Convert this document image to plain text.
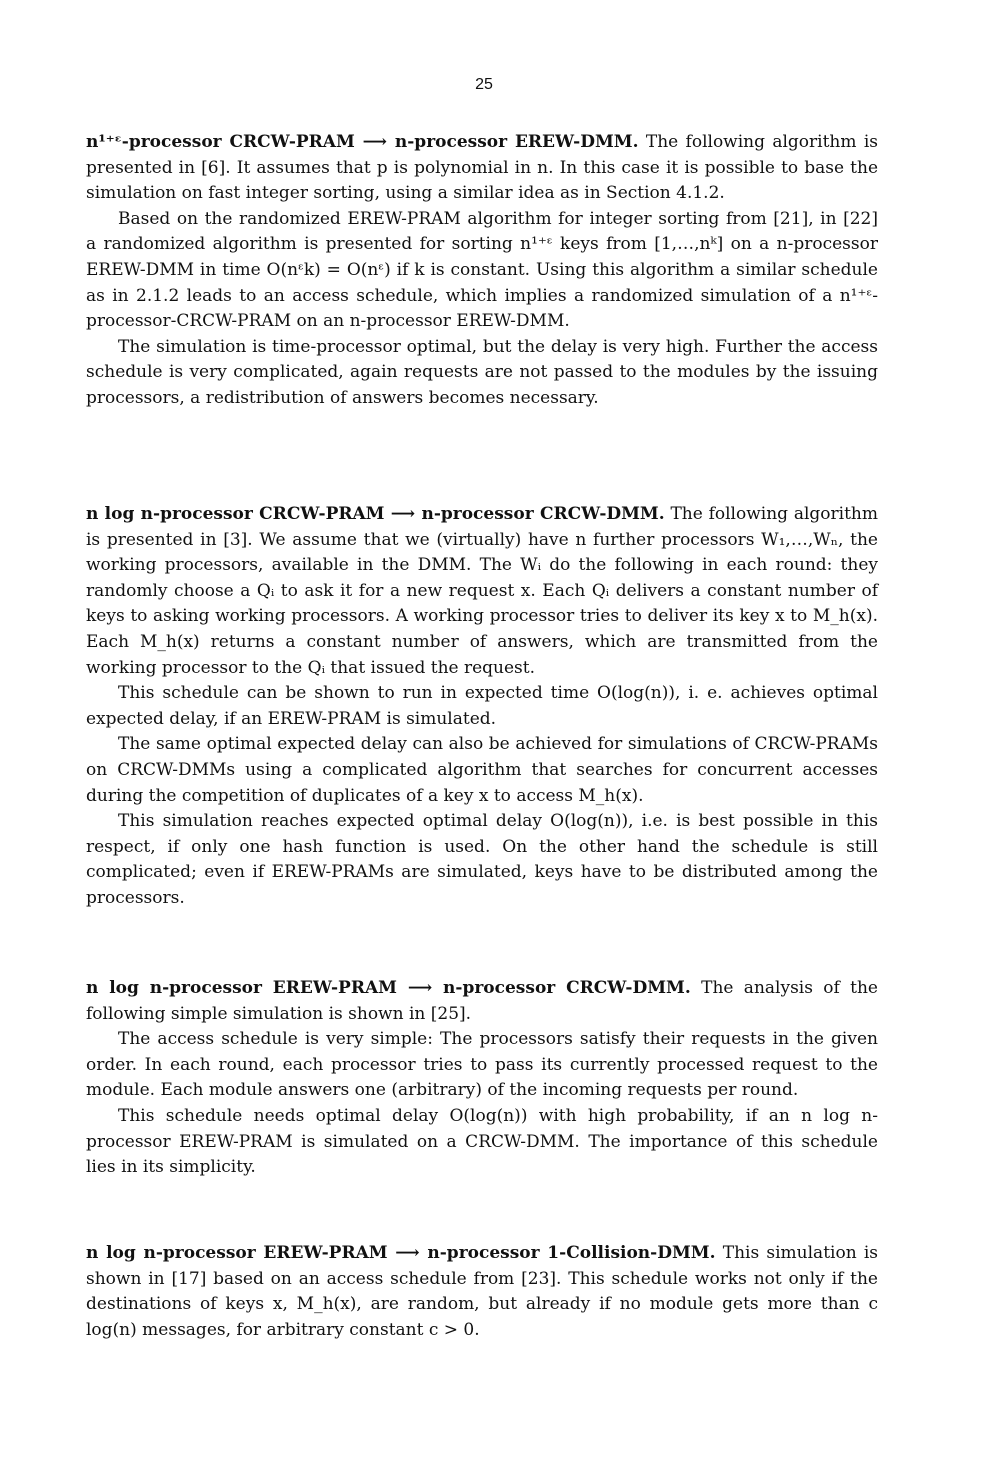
25

n¹⁺ᵋ-processor CRCW-PRAM ⟶ n-processor EREW-DMM. The following algorithm is presented in [6]. It assumes that p is polynomial in n. In this case it is possible to base the simulation on fast integer sorting, using a similar idea as in Section 4.1.2.

Based on the randomized EREW-PRAM algorithm for integer sorting from [21], in [22] a randomized algorithm is presented for sorting n¹⁺ᵋ keys from [1,…,nᵏ] on a n-processor EREW-DMM in time O(nᵋk) = O(nᵋ) if k is constant. Using this algorithm a similar schedule as in 2.1.2 leads to an access schedule, which implies a randomized simulation of a n¹⁺ᵋ-processor-CRCW-PRAM on an n-processor EREW-DMM.

The simulation is time-processor optimal, but the delay is very high. Further the access schedule is very complicated, again requests are not passed to the modules by the issuing processors, a redistribution of answers becomes necessary.

n log n-processor CRCW-PRAM ⟶ n-processor CRCW-DMM. The following algorithm is presented in [3]. We assume that we (virtually) have n further processors W₁,…,Wₙ, the working processors, available in the DMM. The Wᵢ do the following in each round: they randomly choose a Qᵢ to ask it for a new request x. Each Qᵢ delivers a constant number of keys to asking working processors. A working processor tries to deliver its key x to M_h(x). Each M_h(x) returns a constant number of answers, which are transmitted from the working processor to the Qᵢ that issued the request.

This schedule can be shown to run in expected time O(log(n)), i. e. achieves optimal expected delay, if an EREW-PRAM is simulated.

The same optimal expected delay can also be achieved for simulations of CRCW-PRAMs on CRCW-DMMs using a complicated algorithm that searches for concurrent accesses during the competition of duplicates of a key x to access M_h(x).

This simulation reaches expected optimal delay O(log(n)), i.e. is best possible in this respect, if only one hash function is used. On the other hand the schedule is still complicated; even if EREW-PRAMs are simulated, keys have to be distributed among the processors.

n log n-processor EREW-PRAM ⟶ n-processor CRCW-DMM. The analysis of the following simple simulation is shown in [25].

The access schedule is very simple: The processors satisfy their requests in the given order. In each round, each processor tries to pass its currently processed request to the module. Each module answers one (arbitrary) of the incoming requests per round.

This schedule needs optimal delay O(log(n)) with high probability, if an n log n-processor EREW-PRAM is simulated on a CRCW-DMM. The importance of this schedule lies in its simplicity.

n log n-processor EREW-PRAM ⟶ n-processor 1-Collision-DMM. This simulation is shown in [17] based on an access schedule from [23]. This schedule works not only if the destinations of keys x, M_h(x), are random, but already if no module gets more than c log(n) messages, for arbitrary constant c > 0.
